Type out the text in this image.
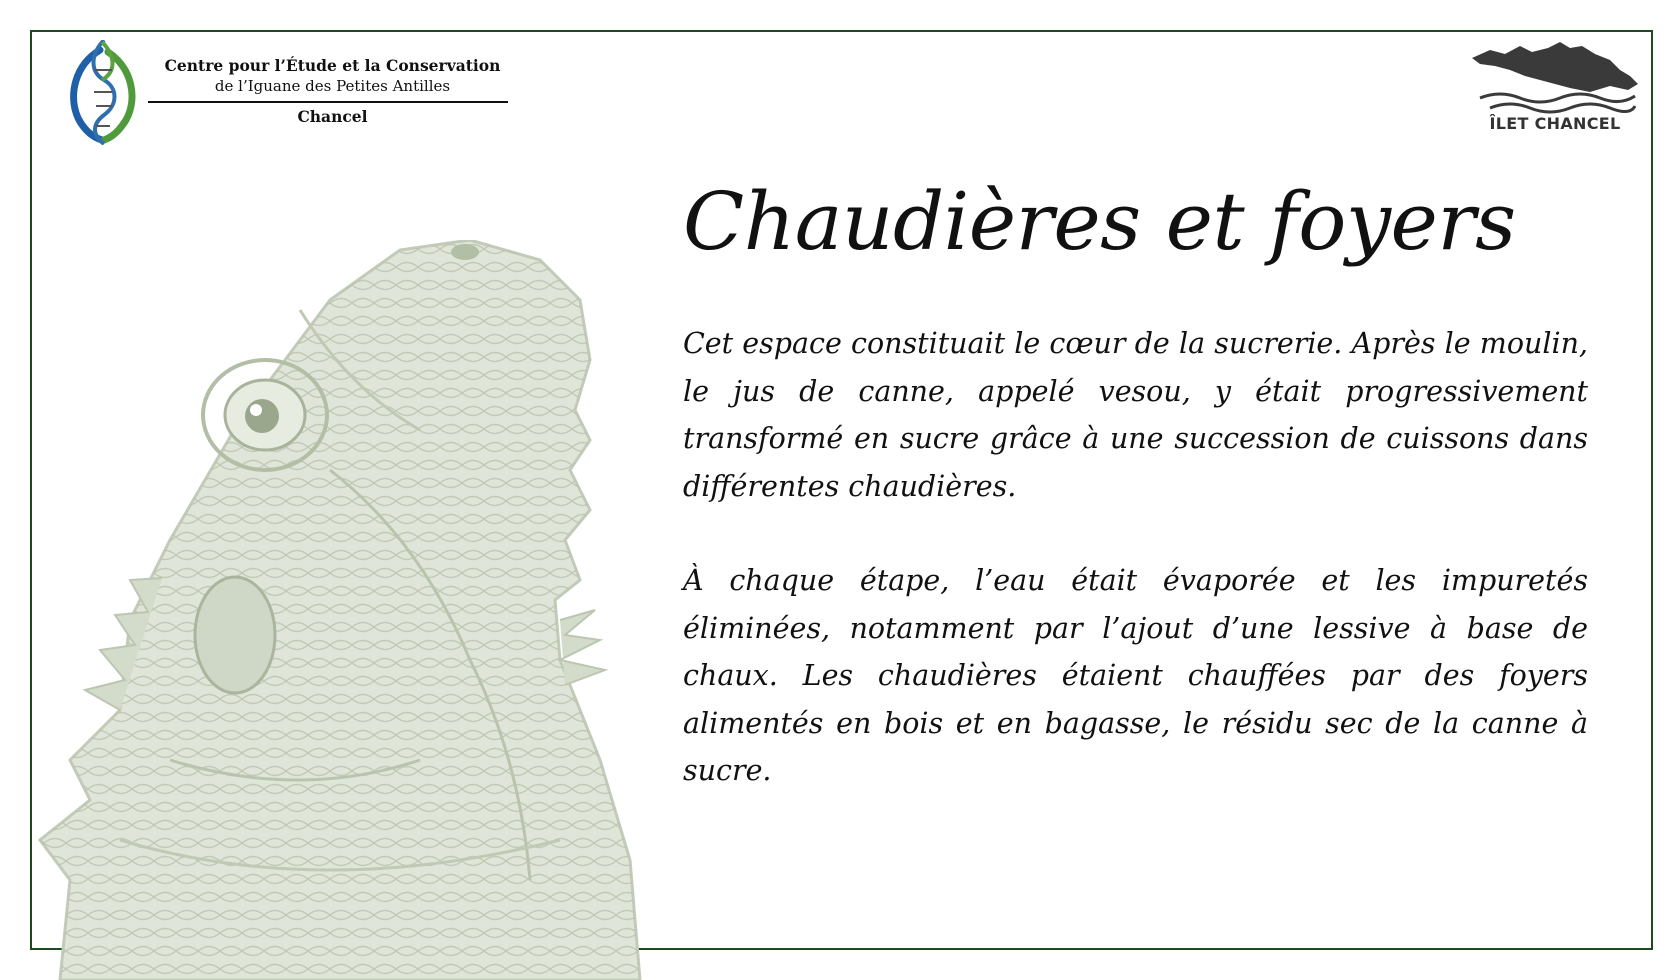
Centre pour l’Étude et la Conservation
de l’Iguane des Petites Antilles
Chancel	ÎLET CHANCEL
Chaudières et foyers

Cet espace constituait le cœur de la sucrerie. Après le moulin, le jus de canne, appelé vesou, y était progressivement transformé en sucre grâce à une succession de cuissons dans différentes chaudières.

À chaque étape, l’eau était évaporée et les impuretés éliminées, notamment par l’ajout d’une lessive à base de chaux. Les chaudières étaient chauffées par des foyers alimentés en bois et en bagasse, le résidu sec de la canne à sucre.
